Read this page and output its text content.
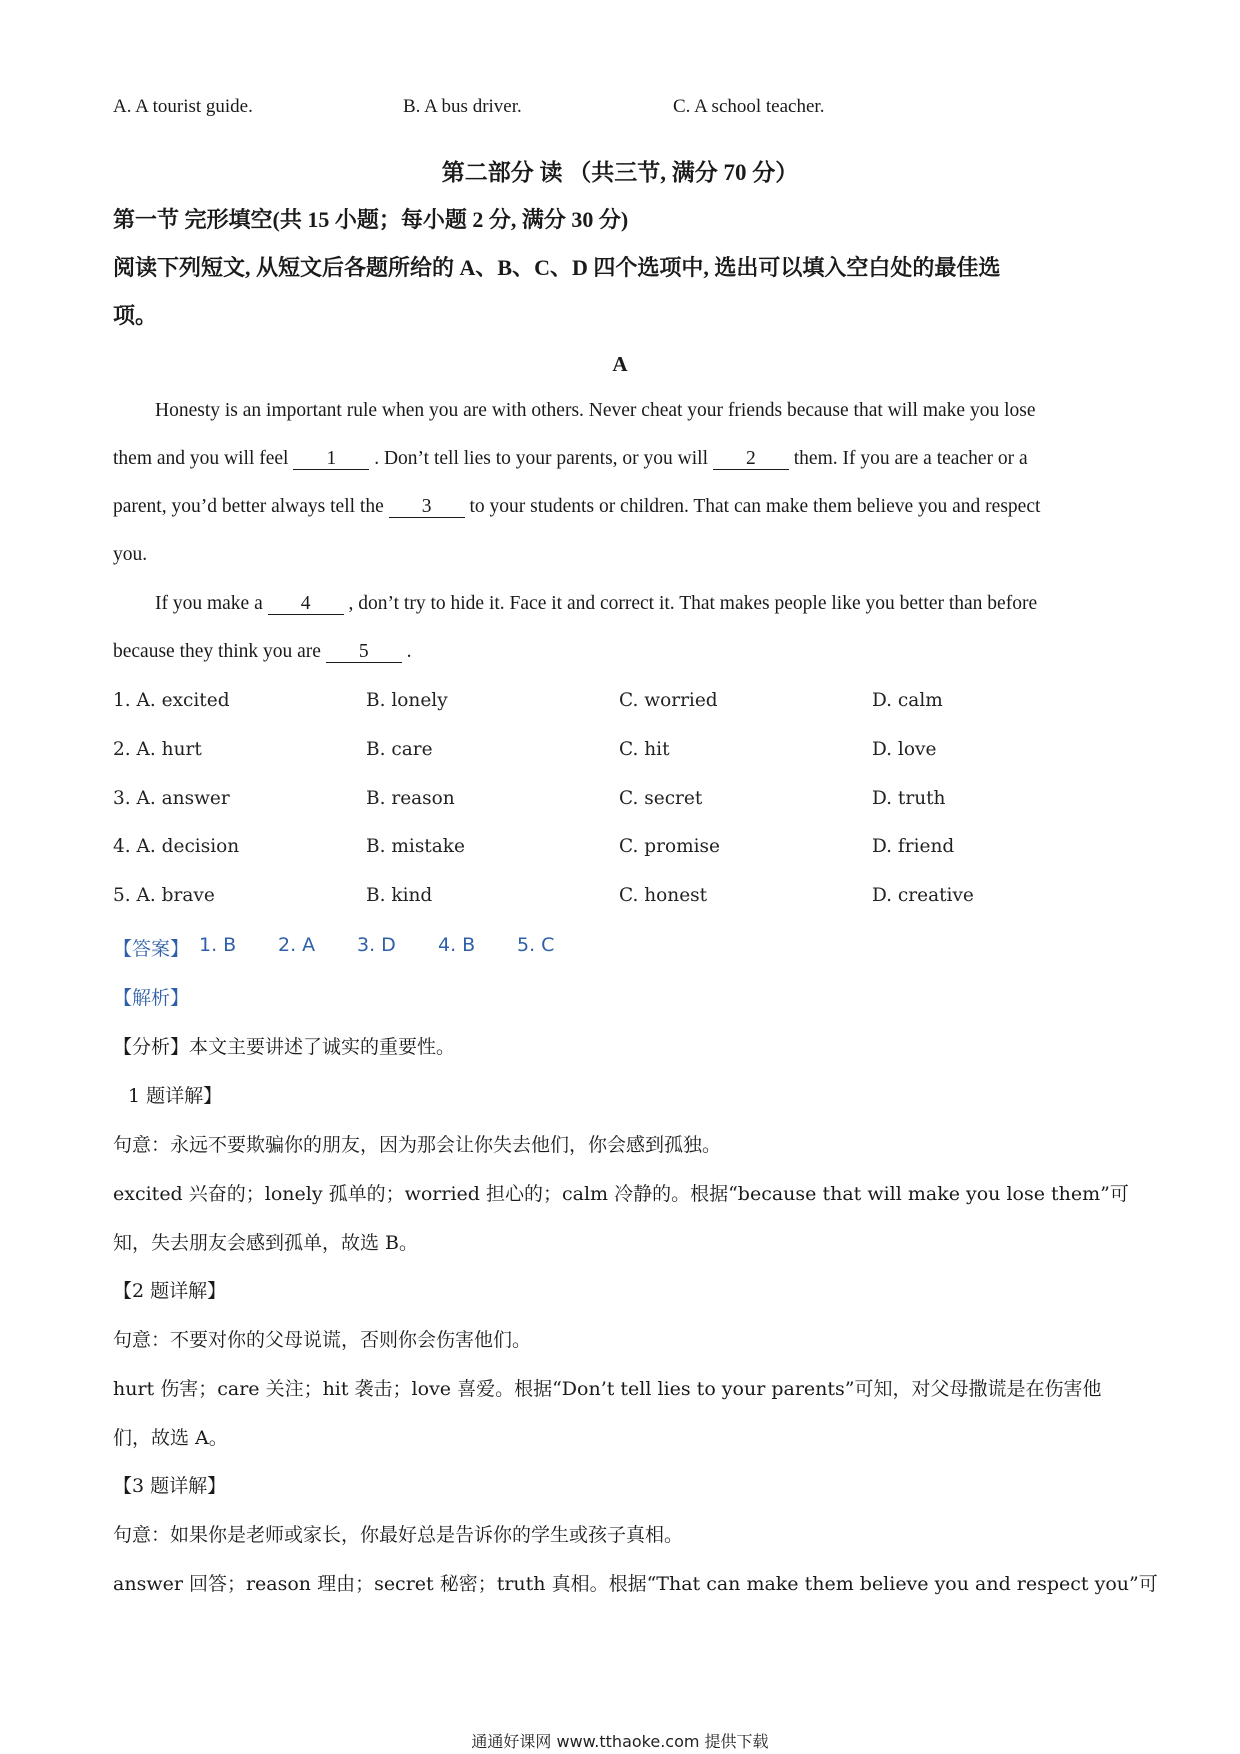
A. A tourist guide.	B. A bus driver.	C. A school teacher.
第二部分 读 （共三节, 满分 70 分）
第一节 完形填空(共 15 小题；每小题 2 分, 满分 30 分)
阅读下列短文, 从短文后各题所给的 A、B、C、D 四个选项中, 选出可以填入空白处的最佳选
项。
A
Honesty is an important rule when you are with others. Never cheat your friends because that will make you lose
them and you will feel 1 . Don’t tell lies to your parents, or you will 2 them. If you are a teacher or a
parent, you’d better always tell the 3 to your students or children. That can make them believe you and respect
you.
If you make a 4 , don’t try to hide it. Face it and correct it. That makes people like you better than before
because they think you are 5 .
1. A. excited	B. lonely	C. worried	D. calm
2. A. hurt	B. care	C. hit	D. love
3. A. answer	B. reason	C. secret	D. truth
4. A. decision	B. mistake	C. promise	D. friend
5. A. brave	B. kind	C. honest	D. creative
【答案】 1. B 2. A 3. D 4. B 5. C
【解析】
【分析】本文主要讲述了诚实的重要性。
1 题详解】
句意：永远不要欺骗你的朋友，因为那会让你失去他们，你会感到孤独。
excited 兴奋的；lonely 孤单的；worried 担心的；calm 冷静的。根据“because that will make you lose them”可
知，失去朋友会感到孤单，故选 B。
【2 题详解】
句意：不要对你的父母说谎，否则你会伤害他们。
hurt 伤害；care 关注；hit 袭击；love 喜爱。根据“Don’t tell lies to your parents”可知，对父母撒谎是在伤害他
们，故选 A。
【3 题详解】
句意：如果你是老师或家长，你最好总是告诉你的学生或孩子真相。
answer 回答；reason 理由；secret 秘密；truth 真相。根据“That can make them believe you and respect you”可
通通好课网 www.tthaoke.com 提供下载
